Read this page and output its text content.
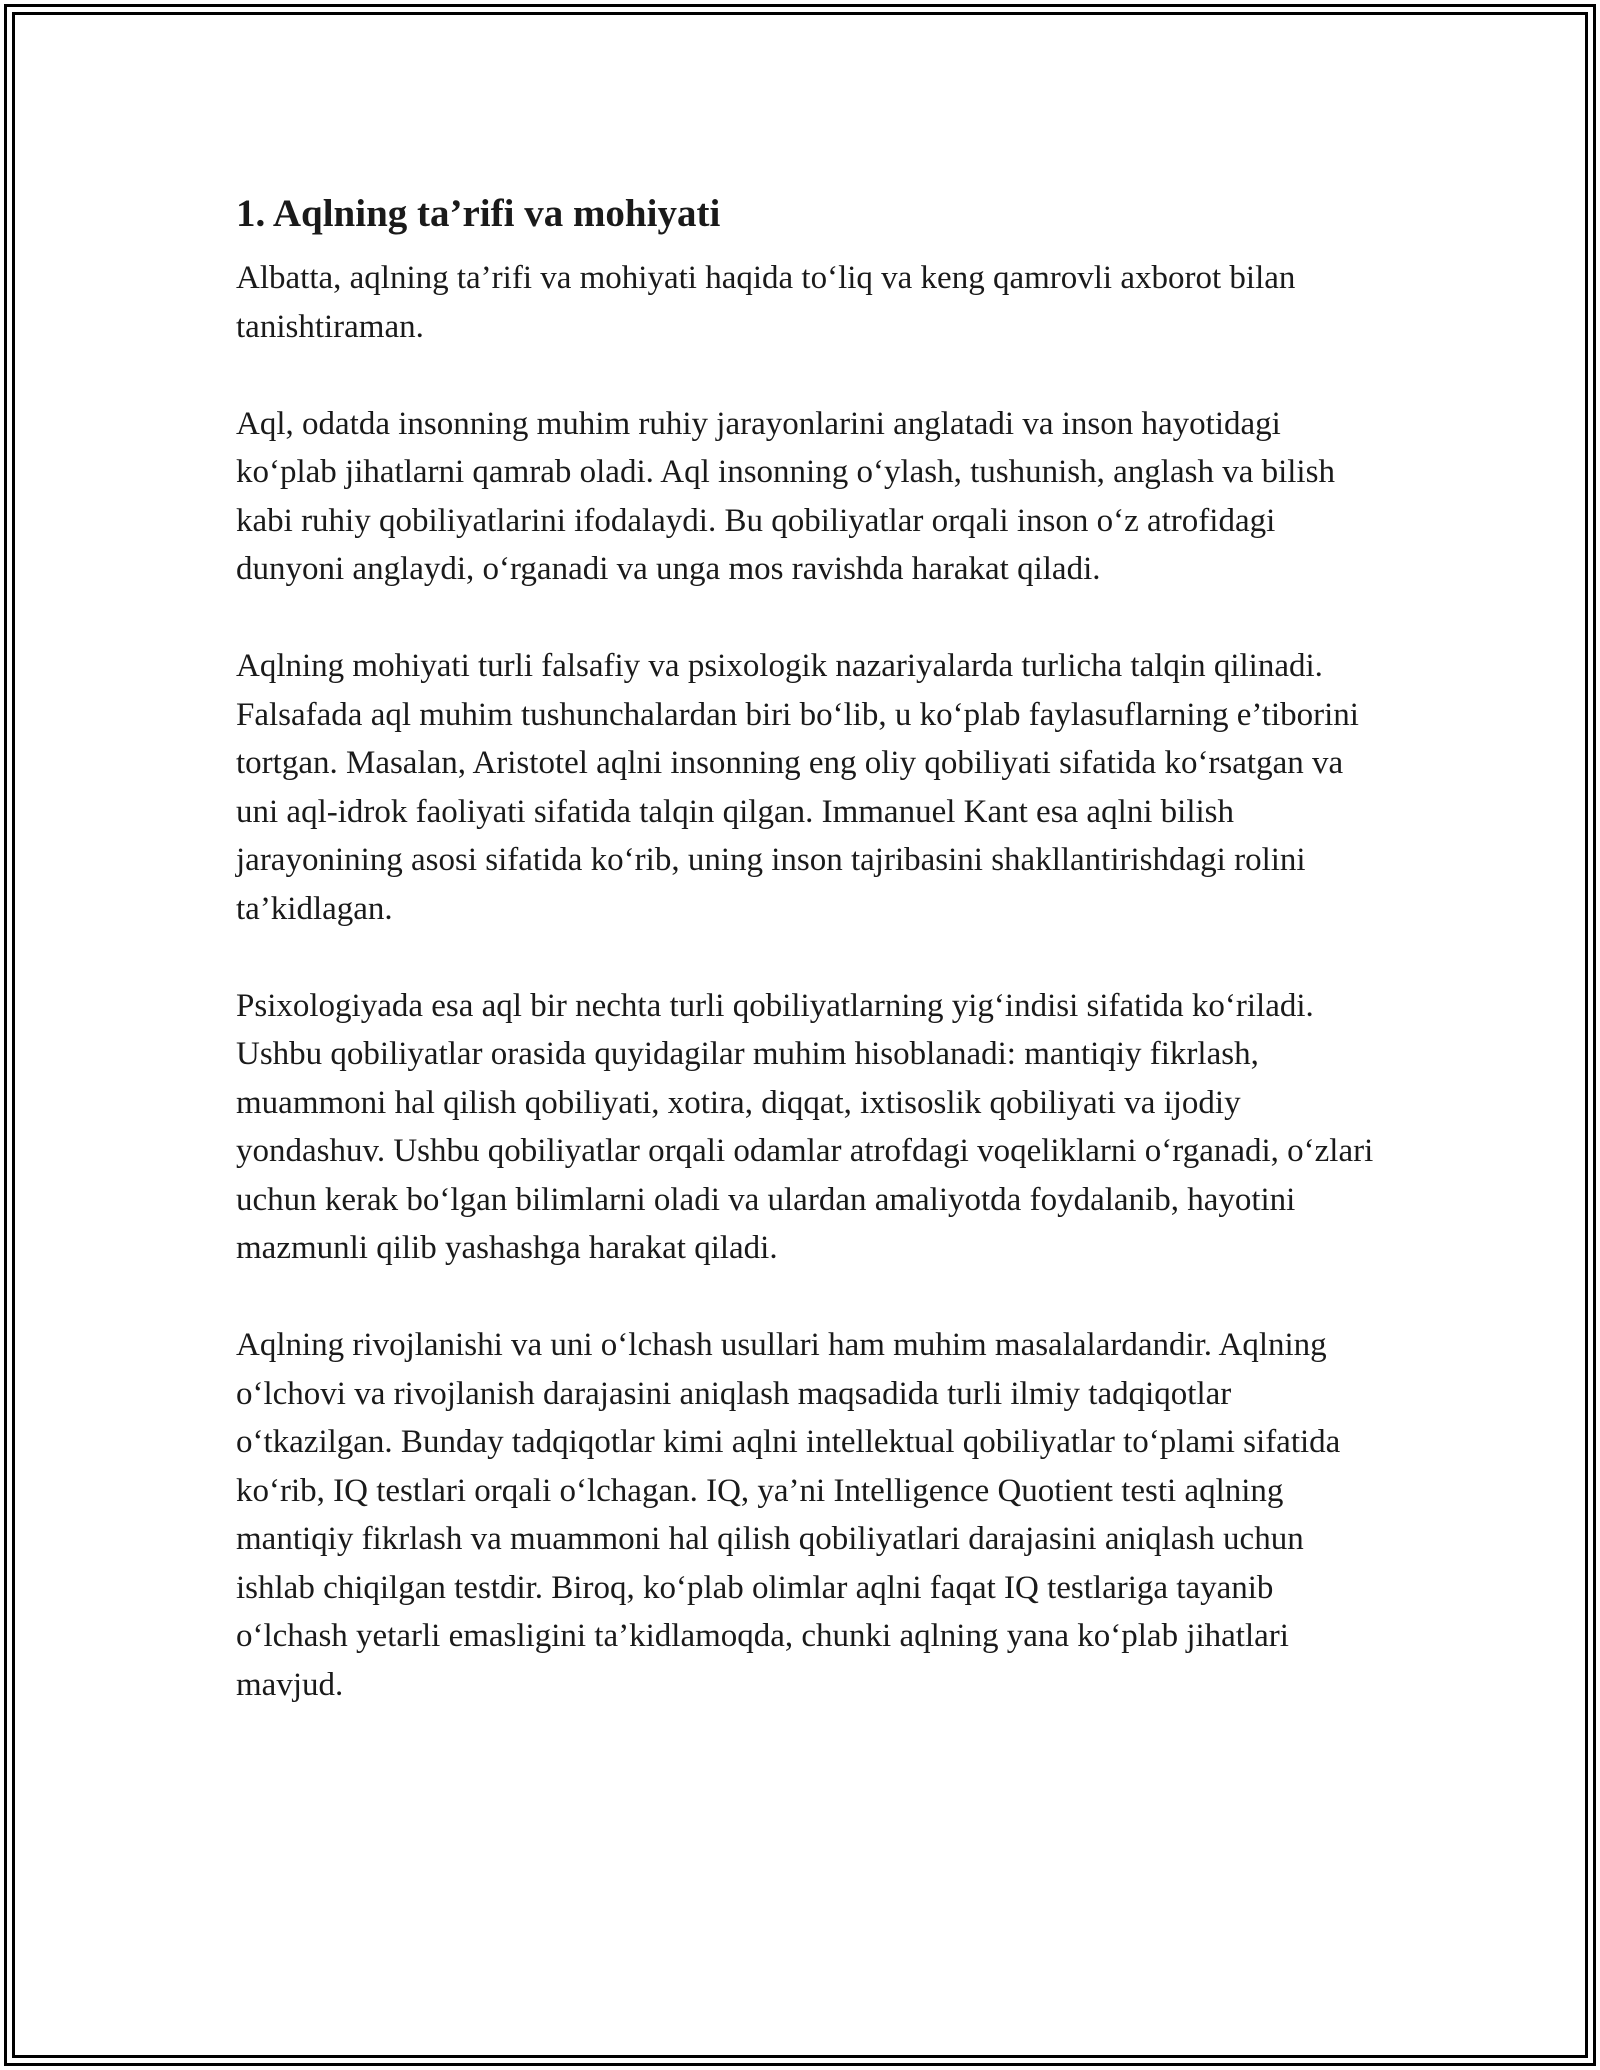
1. Aqlning ta’rifi va mohiyati

Albatta, aqlning ta’rifi va mohiyati haqida to‘liq va keng qamrovli axborot bilan tanishtiraman.

Aql, odatda insonning muhim ruhiy jarayonlarini anglatadi va inson hayotidagi ko‘plab jihatlarni qamrab oladi. Aql insonning o‘ylash, tushunish, anglash va bilish kabi ruhiy qobiliyatlarini ifodalaydi. Bu qobiliyatlar orqali inson o‘z atrofidagi dunyoni anglaydi, o‘rganadi va unga mos ravishda harakat qiladi.

Aqlning mohiyati turli falsafiy va psixologik nazariyalarda turlicha talqin qilinadi. Falsafada aql muhim tushunchalardan biri bo‘lib, u ko‘plab faylasuflarning e’tiborini tortgan. Masalan, Aristotel aqlni insonning eng oliy qobiliyati sifatida ko‘rsatgan va uni aql-idrok faoliyati sifatida talqin qilgan. Immanuel Kant esa aqlni bilish jarayonining asosi sifatida ko‘rib, uning inson tajribasini shakllantirishdagi rolini ta’kidlagan.

Psixologiyada esa aql bir nechta turli qobiliyatlarning yig‘indisi sifatida ko‘riladi. Ushbu qobiliyatlar orasida quyidagilar muhim hisoblanadi: mantiqiy fikrlash, muammoni hal qilish qobiliyati, xotira, diqqat, ixtisoslik qobiliyati va ijodiy yondashuv. Ushbu qobiliyatlar orqali odamlar atrofdagi voqeliklarni o‘rganadi, o‘zlari uchun kerak bo‘lgan bilimlarni oladi va ulardan amaliyotda foydalanib, hayotini mazmunli qilib yashashga harakat qiladi.

Aqlning rivojlanishi va uni o‘lchash usullari ham muhim masalalardandir. Aqlning o‘lchovi va rivojlanish darajasini aniqlash maqsadida turli ilmiy tadqiqotlar o‘tkazilgan. Bunday tadqiqotlar kimi aqlni intellektual qobiliyatlar to‘plami sifatida ko‘rib, IQ testlari orqali o‘lchagan. IQ, ya’ni Intelligence Quotient testi aqlning mantiqiy fikrlash va muammoni hal qilish qobiliyatlari darajasini aniqlash uchun ishlab chiqilgan testdir. Biroq, ko‘plab olimlar aqlni faqat IQ testlariga tayanib o‘lchash yetarli emasligini ta’kidlamoqda, chunki aqlning yana ko‘plab jihatlari mavjud.
